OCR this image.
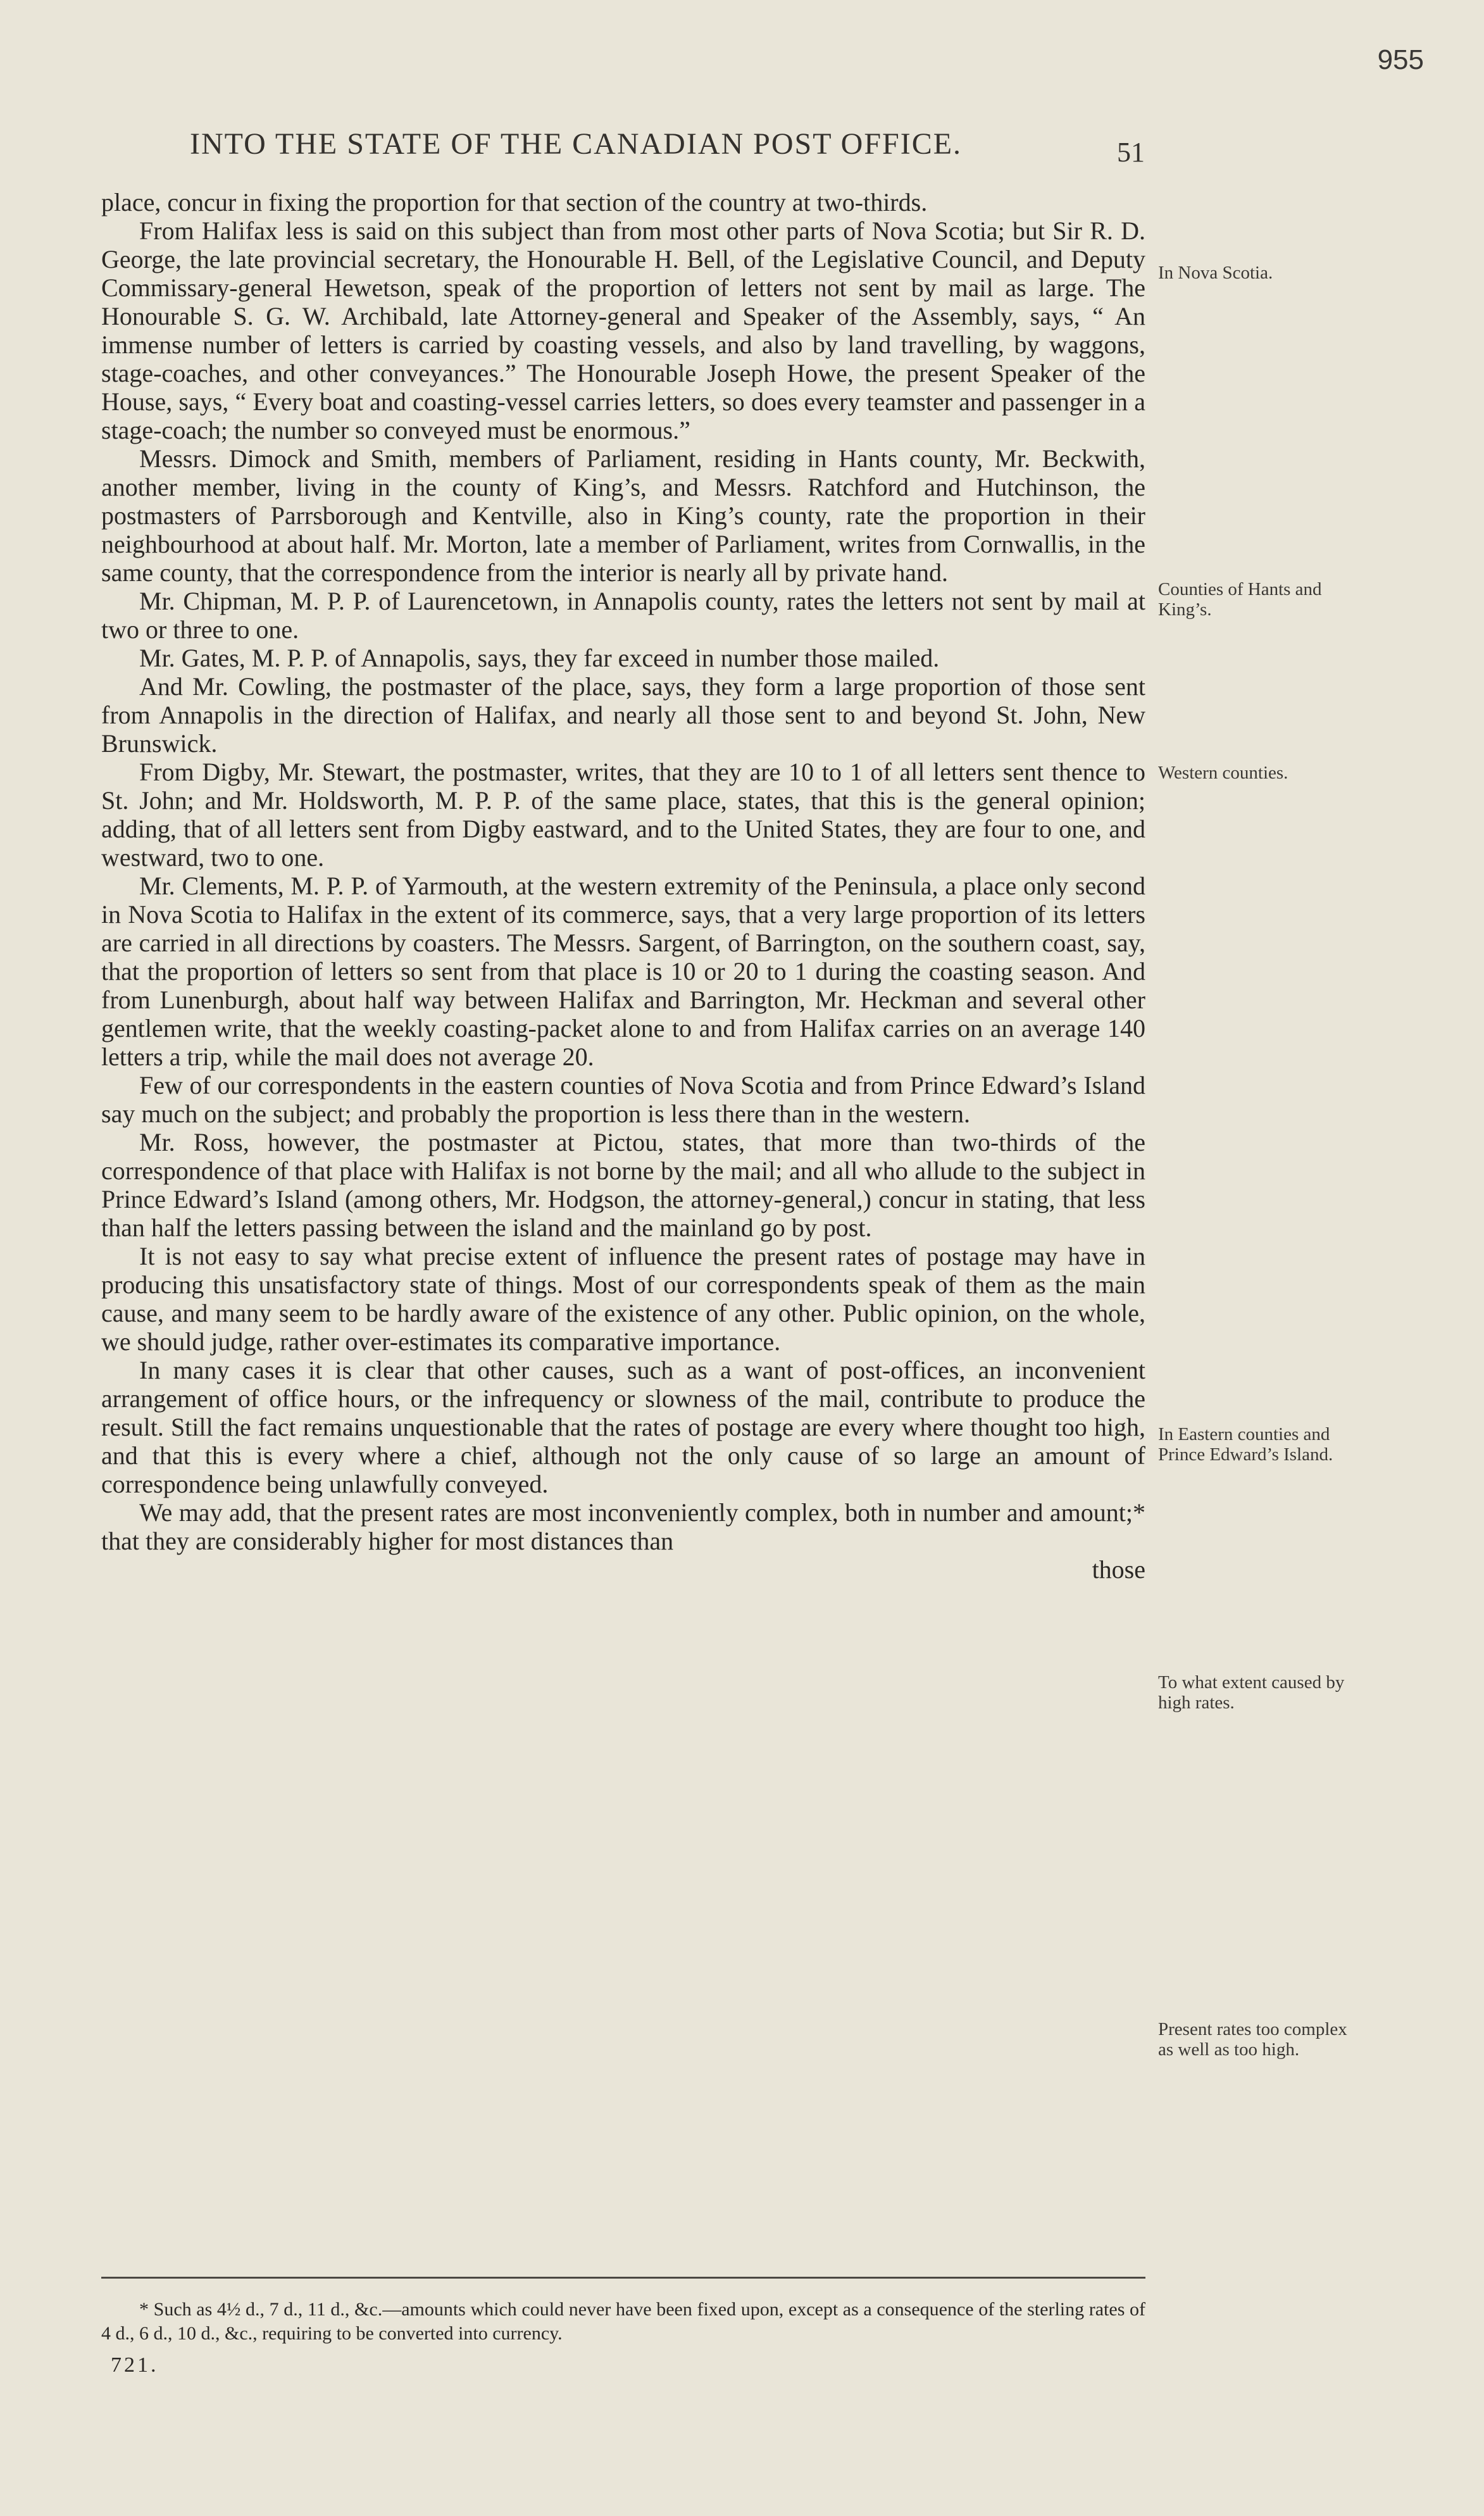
955
INTO THE STATE OF THE CANADIAN POST OFFICE.	51

place, concur in fixing the proportion for that section of the country at two-thirds.

From Halifax less is said on this subject than from most other parts of Nova Scotia; but Sir R. D. George, the late provincial secretary, the Honourable H. Bell, of the Legislative Council, and Deputy Commissary-general Hewetson, speak of the proportion of letters not sent by mail as large. The Honourable S. G. W. Archibald, late Attorney-general and Speaker of the Assembly, says, “ An immense number of letters is carried by coasting vessels, and also by land travelling, by waggons, stage-coaches, and other conveyances.” The Honourable Joseph Howe, the present Speaker of the House, says, “ Every boat and coasting-vessel carries letters, so does every teamster and passenger in a stage-coach; the number so conveyed must be enormous.”

Messrs. Dimock and Smith, members of Parliament, residing in Hants county, Mr. Beckwith, another member, living in the county of King’s, and Messrs. Ratchford and Hutchinson, the postmasters of Parrsborough and Kentville, also in King’s county, rate the proportion in their neighbourhood at about half. Mr. Morton, late a member of Parliament, writes from Cornwallis, in the same county, that the correspondence from the interior is nearly all by private hand.

Mr. Chipman, M. P. P. of Laurencetown, in Annapolis county, rates the letters not sent by mail at two or three to one.

Mr. Gates, M. P. P. of Annapolis, says, they far exceed in number those mailed.

And Mr. Cowling, the postmaster of the place, says, they form a large proportion of those sent from Annapolis in the direction of Halifax, and nearly all those sent to and beyond St. John, New Brunswick.

From Digby, Mr. Stewart, the postmaster, writes, that they are 10 to 1 of all letters sent thence to St. John; and Mr. Holdsworth, M. P. P. of the same place, states, that this is the general opinion; adding, that of all letters sent from Digby eastward, and to the United States, they are four to one, and westward, two to one.

Mr. Clements, M. P. P. of Yarmouth, at the western extremity of the Peninsula, a place only second in Nova Scotia to Halifax in the extent of its commerce, says, that a very large proportion of its letters are carried in all directions by coasters. The Messrs. Sargent, of Barrington, on the southern coast, say, that the proportion of letters so sent from that place is 10 or 20 to 1 during the coasting season. And from Lunenburgh, about half way between Halifax and Barrington, Mr. Heckman and several other gentlemen write, that the weekly coasting-packet alone to and from Halifax carries on an average 140 letters a trip, while the mail does not average 20.

Few of our correspondents in the eastern counties of Nova Scotia and from Prince Edward’s Island say much on the subject; and probably the proportion is less there than in the western.

Mr. Ross, however, the postmaster at Pictou, states, that more than two-thirds of the correspondence of that place with Halifax is not borne by the mail; and all who allude to the subject in Prince Edward’s Island (among others, Mr. Hodgson, the attorney-general,) concur in stating, that less than half the letters passing between the island and the mainland go by post.

It is not easy to say what precise extent of influence the present rates of postage may have in producing this unsatisfactory state of things. Most of our correspondents speak of them as the main cause, and many seem to be hardly aware of the existence of any other. Public opinion, on the whole, we should judge, rather over-estimates its comparative importance.

In many cases it is clear that other causes, such as a want of post-offices, an inconvenient arrangement of office hours, or the infrequency or slowness of the mail, contribute to produce the result. Still the fact remains unquestionable that the rates of postage are every where thought too high, and that this is every where a chief, although not the only cause of so large an amount of correspondence being unlawfully conveyed.

We may add, that the present rates are most inconveniently complex, both in number and amount;* that they are considerably higher for most distances than

those

In Nova Scotia.
Counties of Hants and King’s.
Western counties.
In Eastern counties and Prince Edward’s Island.
To what extent caused by high rates.
Present rates too complex as well as too high.

* Such as 4½ d., 7 d., 11 d., &c.—amounts which could never have been fixed upon, except as a consequence of the sterling rates of 4 d., 6 d., 10 d., &c., requiring to be converted into currency.

721.
